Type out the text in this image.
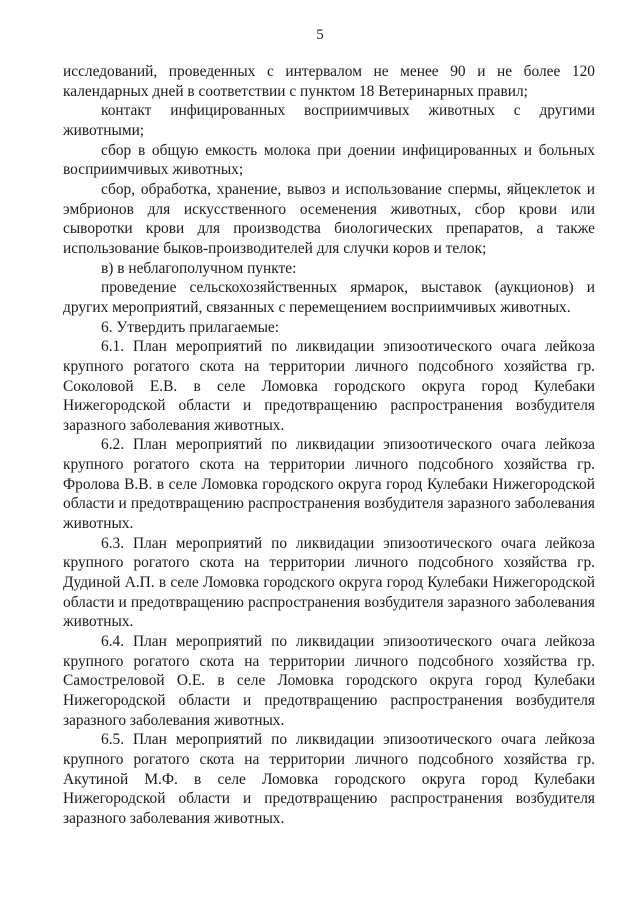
5

исследований, проведенных с интервалом не менее 90 и не более 120 календарных дней в соответствии с пунктом 18 Ветеринарных правил;

контакт инфицированных восприимчивых животных с другими животными;

сбор в общую емкость молока при доении инфицированных и больных восприимчивых животных;

сбор, обработка, хранение, вывоз и использование спермы, яйцеклеток и эмбрионов для искусственного осеменения животных, сбор крови или сыворотки крови для производства биологических препаратов, а также использование быков-производителей для случки коров и телок;

в) в неблагополучном пункте:

проведение сельскохозяйственных ярмарок, выставок (аукционов) и других мероприятий, связанных с перемещением восприимчивых животных.

6. Утвердить прилагаемые:

6.1. План мероприятий по ликвидации эпизоотического очага лейкоза крупного рогатого скота на территории личного подсобного хозяйства гр. Соколовой Е.В. в селе Ломовка городского округа город Кулебаки Нижегородской области и предотвращению распространения возбудителя заразного заболевания животных.

6.2. План мероприятий по ликвидации эпизоотического очага лейкоза крупного рогатого скота на территории личного подсобного хозяйства гр. Фролова В.В. в селе Ломовка городского округа город Кулебаки Нижегородской области и предотвращению распространения возбудителя заразного заболевания животных.

6.3. План мероприятий по ликвидации эпизоотического очага лейкоза крупного рогатого скота на территории личного подсобного хозяйства гр. Дудиной А.П. в селе Ломовка городского округа город Кулебаки Нижегородской области и предотвращению распространения возбудителя заразного заболевания животных.

6.4. План мероприятий по ликвидации эпизоотического очага лейкоза крупного рогатого скота на территории личного подсобного хозяйства гр. Самостреловой О.Е. в селе Ломовка городского округа город Кулебаки Нижегородской области и предотвращению распространения возбудителя заразного заболевания животных.

6.5. План мероприятий по ликвидации эпизоотического очага лейкоза крупного рогатого скота на территории личного подсобного хозяйства гр. Акутиной М.Ф. в селе Ломовка городского округа город Кулебаки Нижегородской области и предотвращению распространения возбудителя заразного заболевания животных.
